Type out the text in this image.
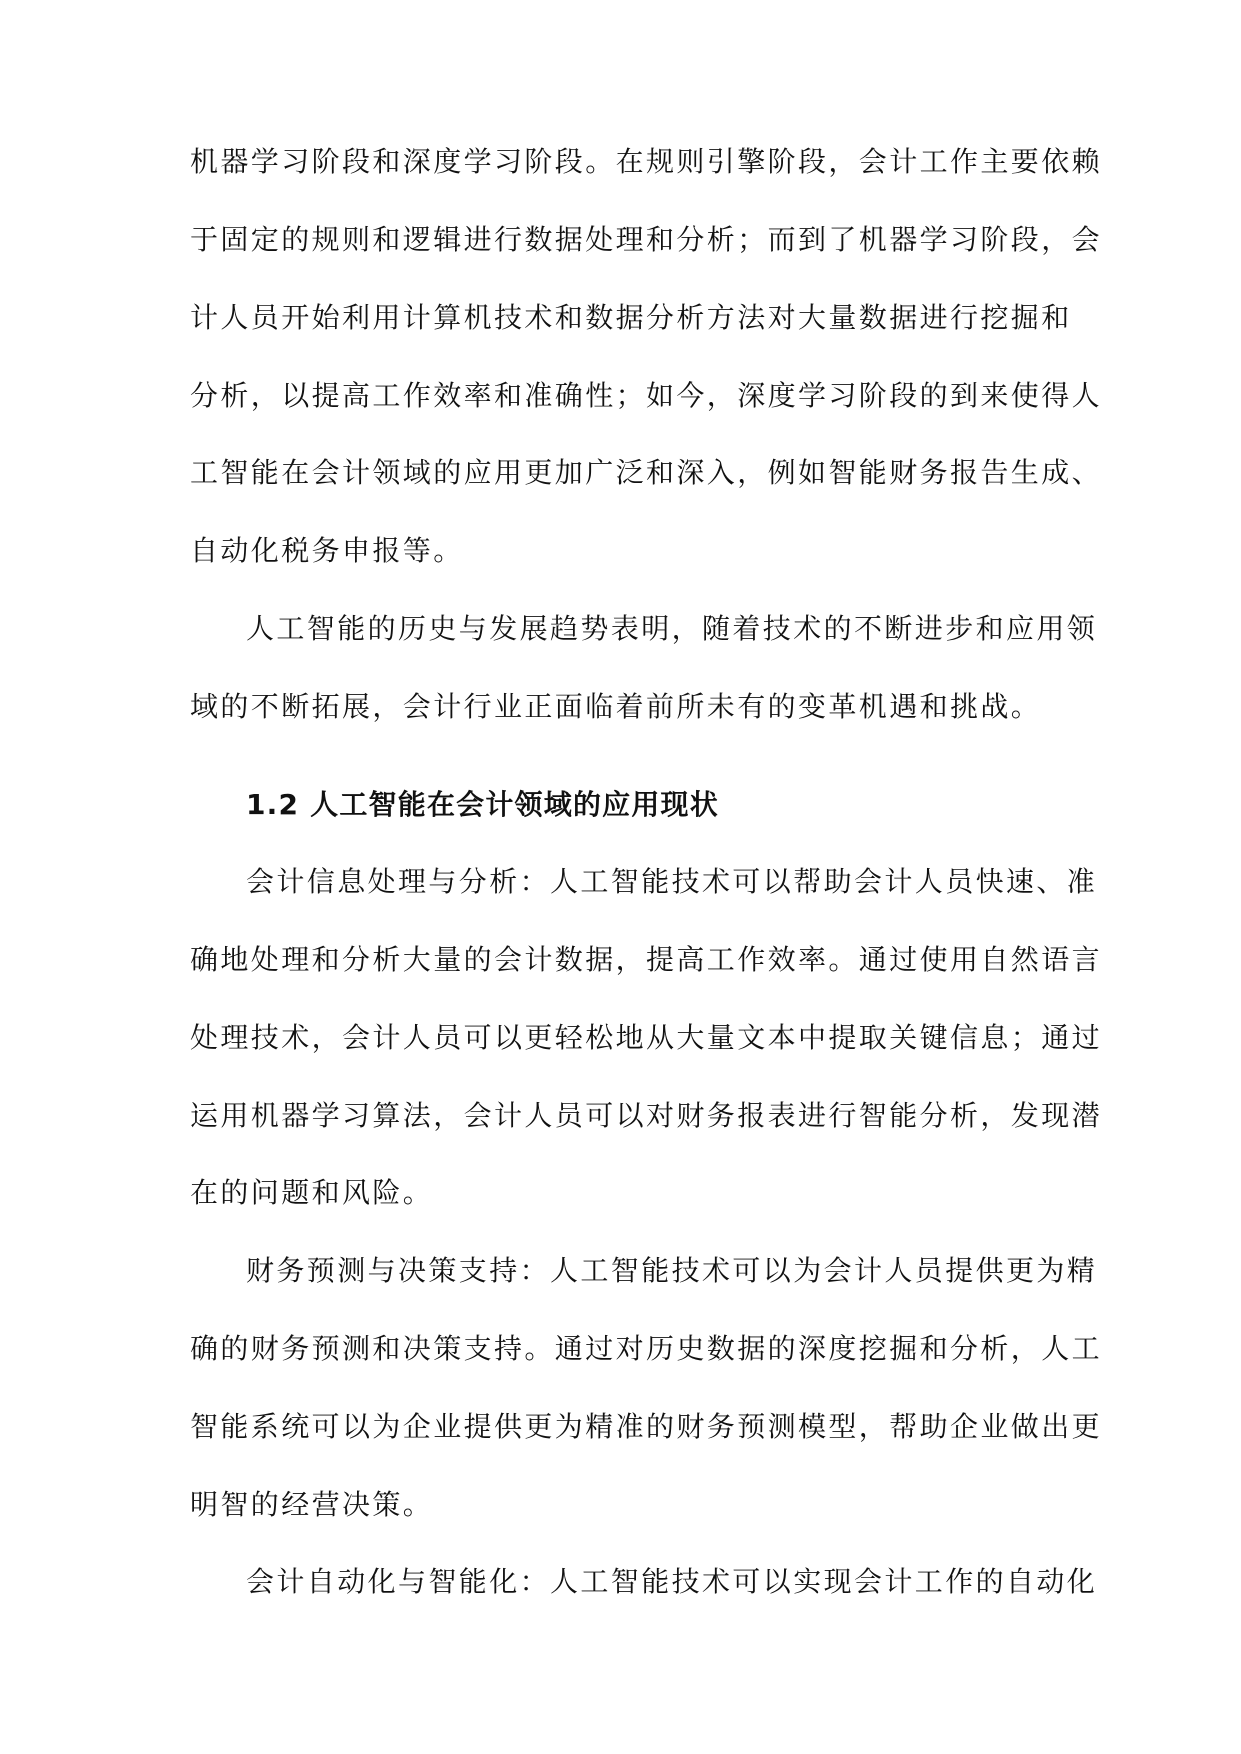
机器学习阶段和深度学习阶段。在规则引擎阶段，会计工作主要依赖
于固定的规则和逻辑进行数据处理和分析；而到了机器学习阶段，会
计人员开始利用计算机技术和数据分析方法对大量数据进行挖掘和
分析，以提高工作效率和准确性；如今，深度学习阶段的到来使得人
工智能在会计领域的应用更加广泛和深入，例如智能财务报告生成、
自动化税务申报等。
人工智能的历史与发展趋势表明，随着技术的不断进步和应用领
域的不断拓展，会计行业正面临着前所未有的变革机遇和挑战。
1.2 人工智能在会计领域的应用现状
会计信息处理与分析：人工智能技术可以帮助会计人员快速、准
确地处理和分析大量的会计数据，提高工作效率。通过使用自然语言
处理技术，会计人员可以更轻松地从大量文本中提取关键信息；通过
运用机器学习算法，会计人员可以对财务报表进行智能分析，发现潜
在的问题和风险。
财务预测与决策支持：人工智能技术可以为会计人员提供更为精
确的财务预测和决策支持。通过对历史数据的深度挖掘和分析，人工
智能系统可以为企业提供更为精准的财务预测模型，帮助企业做出更
明智的经营决策。
会计自动化与智能化：人工智能技术可以实现会计工作的自动化
